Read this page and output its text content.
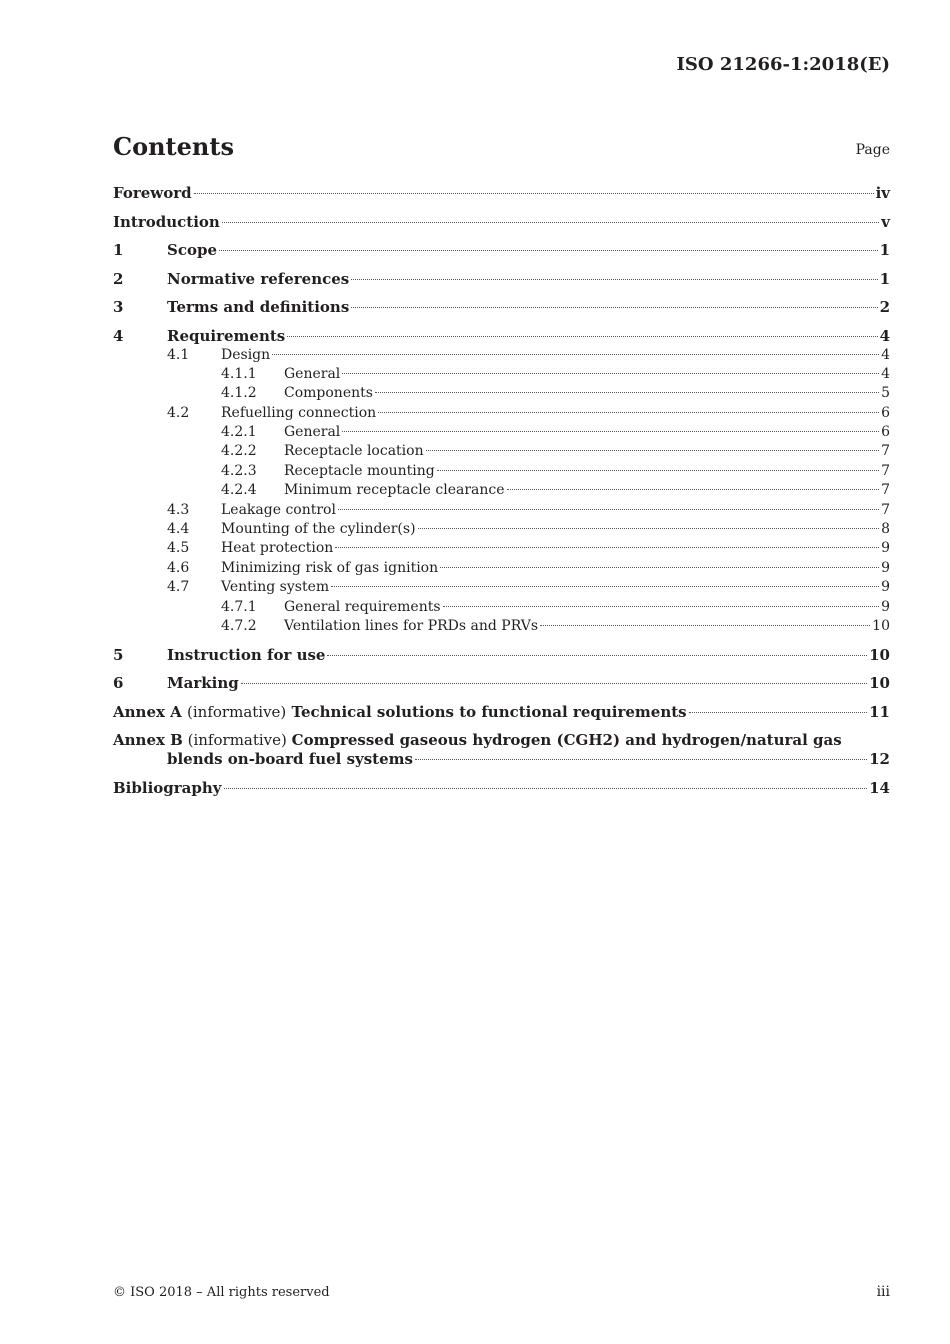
ISO 21266-1:2018(E)
Contents	Page
Foreword	iv
Introduction	v
1	Scope	1
2	Normative references	1
3	Terms and definitions	2
4	Requirements	4
4.1	Design	4
4.1.1	General	4
4.1.2	Components	5
4.2	Refuelling connection	6
4.2.1	General	6
4.2.2	Receptacle location	7
4.2.3	Receptacle mounting	7
4.2.4	Minimum receptacle clearance	7
4.3	Leakage control	7
4.4	Mounting of the cylinder(s)	8
4.5	Heat protection	9
4.6	Minimizing risk of gas ignition	9
4.7	Venting system	9
4.7.1	General requirements	9
4.7.2	Ventilation lines for PRDs and PRVs	10
5	Instruction for use	10
6	Marking	10
Annex A (informative) Technical solutions to functional requirements	11
Annex B (informative) Compressed gaseous hydrogen (CGH2) and hydrogen/natural gas
blends on-board fuel systems	12
Bibliography	14
© ISO 2018 – All rights reserved	iii
